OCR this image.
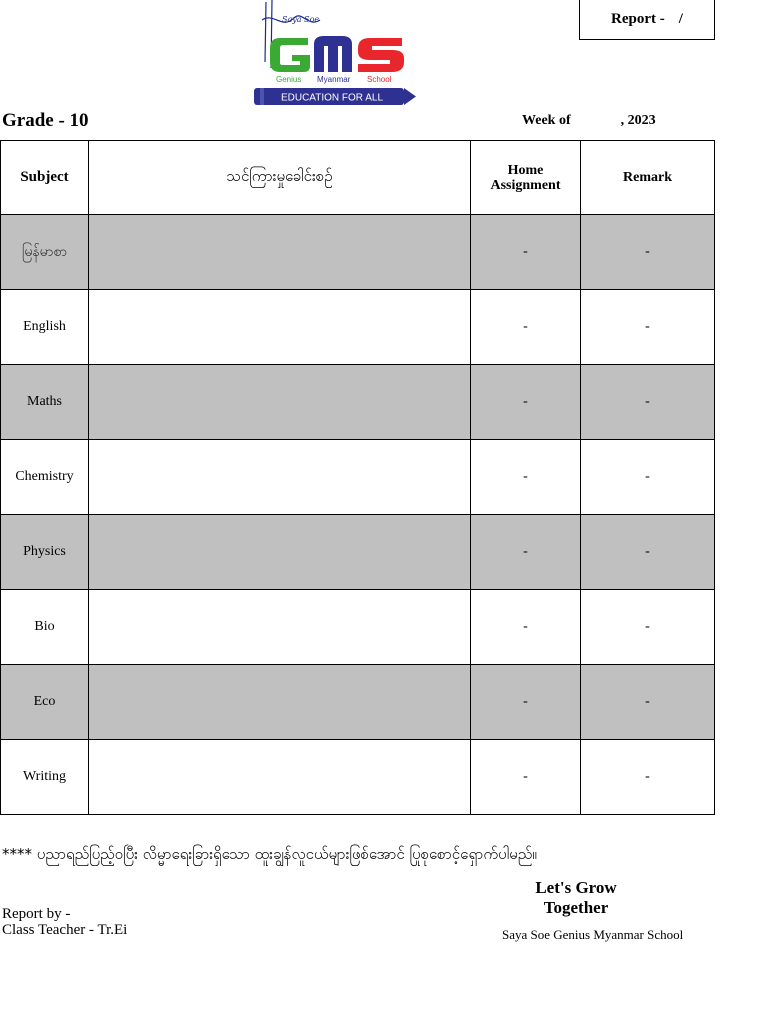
Report - /
Saya Soe
Genius Myanmar School
EDUCATION FOR ALL
Grade - 10	Week of	, 2023
Subject	သင်ကြားမှုခေါင်းစဉ်	Home Assignment	Remark
မြန်မာစာ		-	-
English		-	-
Maths		-	-
Chemistry		-	-
Physics		-	-
Bio		-	-
Eco		-	-
Writing		-	-
**** ပညာရည်ပြည့်ဝပြီး လိမ္မာရေးခြားရှိသော ထူးချွန်လူငယ်များဖြစ်အောင် ပြုစုစောင့်ရှောက်ပါမည်။
Let's Grow
Together
Saya Soe Genius Myanmar School
Report by -
Class Teacher - Tr.Ei
